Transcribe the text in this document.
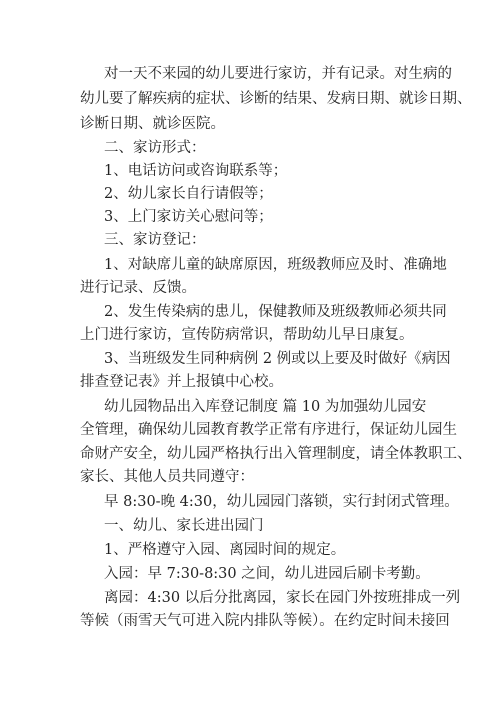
对一天不来园的幼儿要进行家访，并有记录。对生病的
幼儿要了解疾病的症状、诊断的结果、发病日期、就诊日期、
诊断日期、就诊医院。
二、家访形式：
1、电话访问或咨询联系等；
2、幼儿家长自行请假等；
3、上门家访关心慰问等；
三、家访登记：
1、对缺席儿童的缺席原因，班级教师应及时、准确地
进行记录、反馈。
2、发生传染病的患儿，保健教师及班级教师必须共同
上门进行家访，宣传防病常识，帮助幼儿早日康复。
3、当班级发生同种病例 2 例或以上要及时做好《病因
排查登记表》并上报镇中心校。
幼儿园物品出入库登记制度 篇 10 为加强幼儿园安
全管理，确保幼儿园教育教学正常有序进行，保证幼儿园生
命财产安全，幼儿园严格执行出入管理制度，请全体教职工、
家长、其他人员共同遵守：
早 8:30-晚 4:30，幼儿园园门落锁，实行封闭式管理。
一、幼儿、家长进出园门
1、严格遵守入园、离园时间的规定。
入园：早 7:30-8:30 之间，幼儿进园后刷卡考勤。
离园：4:30 以后分批离园，家长在园门外按班排成一列
等候（雨雪天气可进入院内排队等候）。在约定时间未接回
